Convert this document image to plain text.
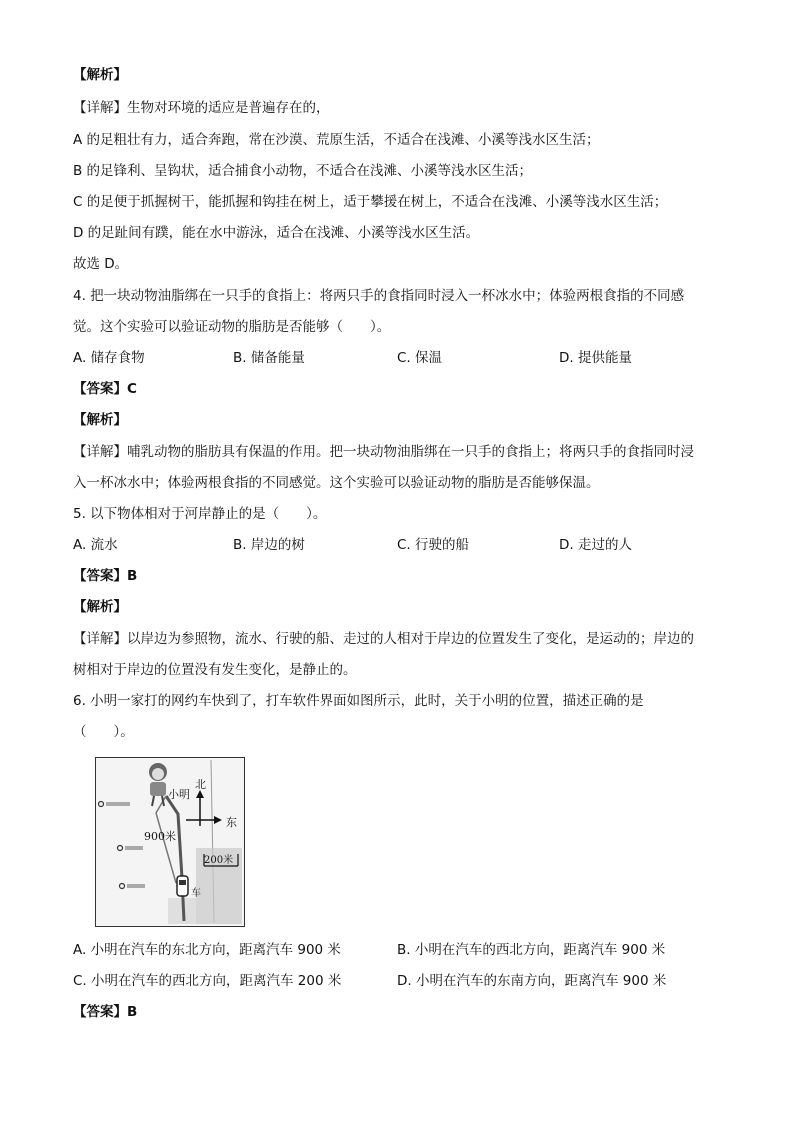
【解析】
【详解】生物对环境的适应是普遍存在的，
A 的足粗壮有力，适合奔跑，常在沙漠、荒原生活，不适合在浅滩、小溪等浅水区生活；
B 的足锋利、呈钩状，适合捕食小动物，不适合在浅滩、小溪等浅水区生活；
C 的足便于抓握树干，能抓握和钩挂在树上，适于攀援在树上，不适合在浅滩、小溪等浅水区生活；
D 的足趾间有蹼，能在水中游泳，适合在浅滩、小溪等浅水区生活。
故选 D。
4. 把一块动物油脂绑在一只手的食指上：将两只手的食指同时浸入一杯冰水中；体验两根食指的不同感
觉。这个实验可以验证动物的脂肪是否能够（　　）。
A. 储存食物	B. 储备能量	C. 保温	D. 提供能量
【答案】C
【解析】
【详解】哺乳动物的脂肪具有保温的作用。把一块动物油脂绑在一只手的食指上；将两只手的食指同时浸
入一杯冰水中；体验两根食指的不同感觉。这个实验可以验证动物的脂肪是否能够保温。
5. 以下物体相对于河岸静止的是（　　）。
A. 流水	B. 岸边的树	C. 行驶的船	D. 走过的人
【答案】B
【解析】
【详解】以岸边为参照物，流水、行驶的船、走过的人相对于岸边的位置发生了变化，是运动的；岸边的
树相对于岸边的位置没有发生变化，是静止的。
6. 小明一家打的网约车快到了，打车软件界面如图所示，此时，关于小明的位置，描述正确的是
（　　）。
小明
北
东
900米
200米
车
A. 小明在汽车的东北方向，距离汽车 900 米	B. 小明在汽车的西北方向，距离汽车 900 米
C. 小明在汽车的西北方向，距离汽车 200 米	D. 小明在汽车的东南方向，距离汽车 900 米
【答案】B
